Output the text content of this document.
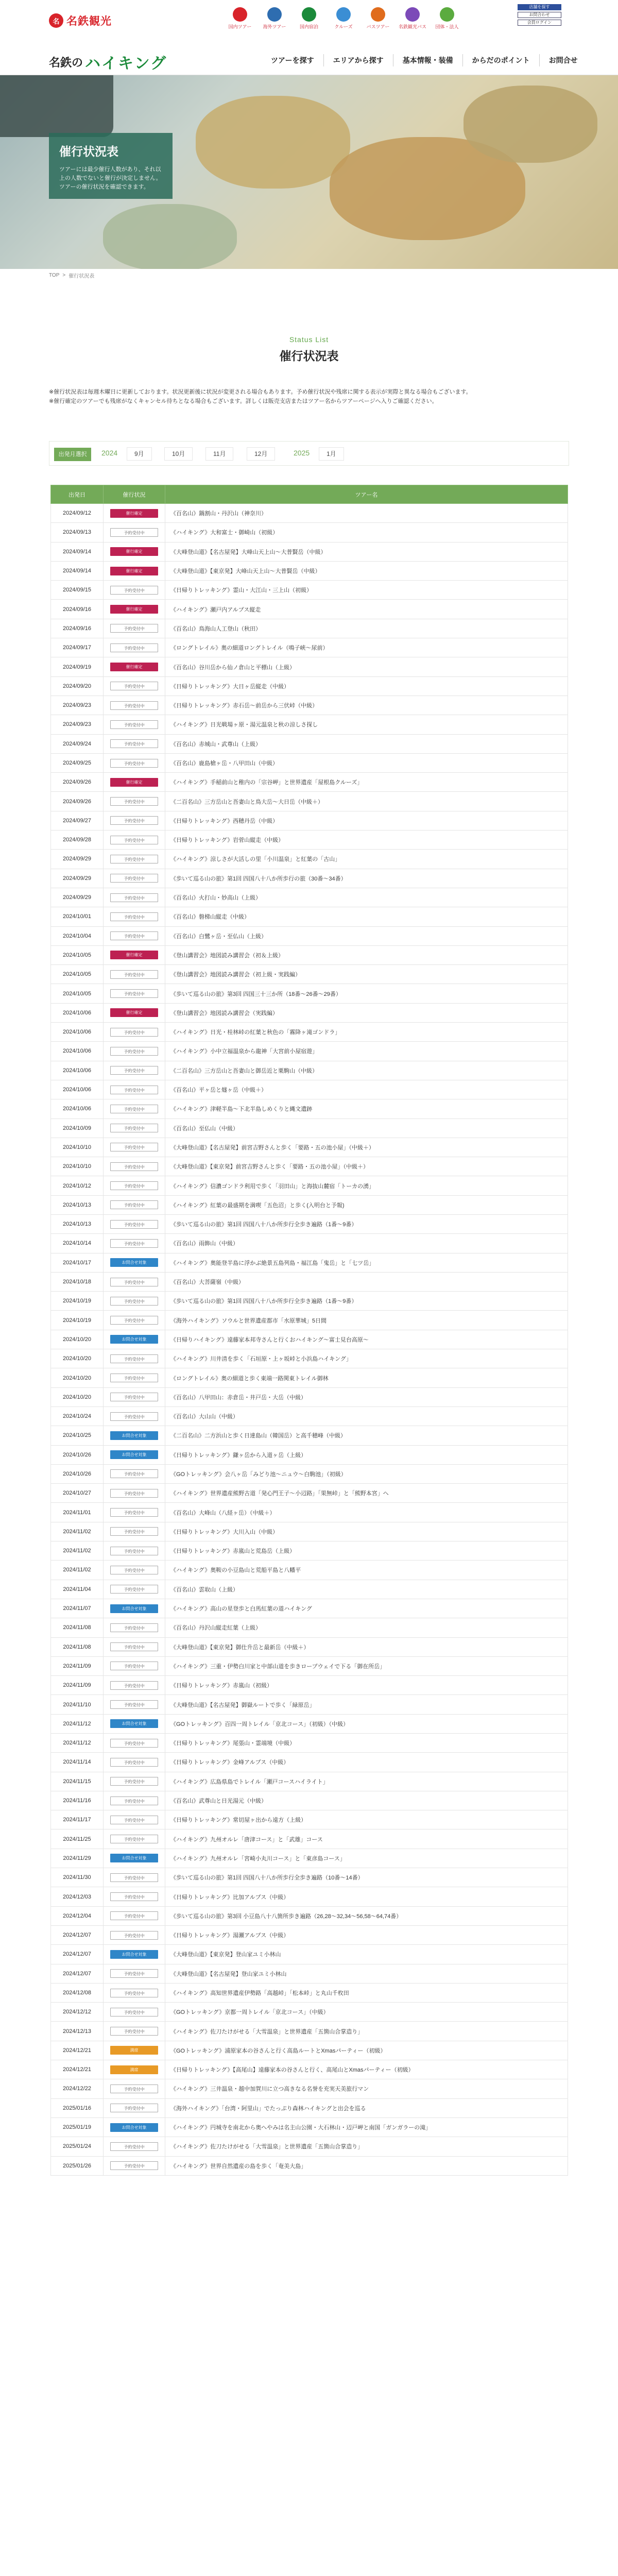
名 名鉄観光	国内ツアー 海外ツアー	国内宿泊	クルーズ	バスツアー 名鉄観光バス 団体・法人
店舗を探す
お問合わせ
会員ログイン
名鉄の ハイキング	ツアーを探す	エリアから探す	基本情報・装備	からだのポイント	お問合せ
催行状況表
ツアーには最少催行人数があり、それ以上の人数でないと催行が決定しません。ツアーの催行状況を確認できます。
TOP > 催行状況表
Status List
催行状況表

※催行状況表は毎週木曜日に更新しております。状況更新後に状況が変更される場合もあります。予め催行状況や残席に関する表示が実際と異なる場合もございます。

※催行確定のツアーでも残席がなくキャンセル待ちとなる場合もございます。詳しくは販売支店またはツアー名からツアーページへ入りご確認ください。

出発月選択	2024	9月	10月	11月	12月	2025	1月
出発日	催行状況	ツアー名
2024/09/12	催行確定	《百名山》鍋割山・丹沢山（神奈川）
2024/09/13	予約受付中	《ハイキング》大和富士・御崎山（初級）
2024/09/14	催行確定	《大峰登山道》【名古屋発】大峰山天上山〜大普賢岳（中級）
2024/09/14	催行確定	《大峰登山道》【東京発】大峰山天上山〜大普賢岳（中級）
2024/09/15	予約受付中	《日帰りトレッキング》霊山・大江山・三上山（初級）
2024/09/16	催行確定	《ハイキング》瀬戸内アルプス縦走
2024/09/16	予約受付中	《百名山》鳥海山人工登山（秋田）
2024/09/17	予約受付中	《ロングトレイル》奥の細道ロングトレイル（鳴子峡〜尿前）
2024/09/19	催行確定	《百名山》谷川岳から仙ノ倉山と平標山（上級）
2024/09/20	予約受付中	《日帰りトレッキング》大日ヶ岳縦走（中級）
2024/09/23	予約受付中	《日帰りトレッキング》赤石岳〜前岳から三伏峠（中級）
2024/09/23	予約受付中	《ハイキング》日光戦場ヶ原・湯元温泉と秋の涼しさ探し
2024/09/24	予約受付中	《百名山》赤城山・武尊山（上級）
2024/09/25	予約受付中	《百名山》鹿島槍ヶ岳・八甲田山（中級）
2024/09/26	催行確定	《ハイキング》手稲前山と稚内の「宗谷岬」と世界遺産「屋根島クルーズ」
2024/09/26	予約受付中	《二百名山》三方岳山と吾妻山と鳥大岳〜大日岳（中級＋）
2024/09/27	予約受付中	《日帰りトレッキング》西穂丹岳（中級）
2024/09/28	予約受付中	《日帰りトレッキング》岩菅山縦走（中級）
2024/09/29	予約受付中	《ハイキング》涼しさが大活しの里「小川温泉」と紅葉の「古山」
2024/09/29	予約受付中	《歩いて巡る山の旅》第1回 四国八十八か所歩行の旅（30番〜34番）
2024/09/29	予約受付中	《百名山》火打山・妙高山（上級）
2024/10/01	予約受付中	《百名山》磐梯山縦走（中級）
2024/10/04	予約受付中	《百名山》白鷺ヶ岳・至仏山（上級）
2024/10/05	催行確定	《登山講習会》地図読み講習会（初＆上級）
2024/10/05	予約受付中	《登山講習会》地図読み講習会（初上級・実践編）
2024/10/05	予約受付中	《歩いて巡る山の旅》第3回 四国三十三か所（18番〜26番〜29番）
2024/10/06	催行確定	《登山講習会》地図読み講習会（実践編）
2024/10/06	予約受付中	《ハイキング》日光・桂林峠の紅葉と秋色の「霧降ヶ滝ゴンドラ」
2024/10/06	予約受付中	《ハイキング》小中立福温泉から龍神「大宮前小屋宿遊」
2024/10/06	予約受付中	《二百名山》三方岳山と吾妻山と御岳近と栗駒山（中級）
2024/10/06	予約受付中	《百名山》平ヶ岳と燧ヶ岳（中級＋）
2024/10/06	予約受付中	《ハイキング》津軽半島〜下北半島しめくりと縄文遺跡
2024/10/09	予約受付中	《百名山》至仏山（中級）
2024/10/10	予約受付中	《大峰登山道》【名古屋発】前宮吉野さんと歩く「要路・五の池小屋」（中級＋）
2024/10/10	予約受付中	《大峰登山道》【東京発】前宮吉野さんと歩く「要路・五の池小屋」（中級＋）
2024/10/12	予約受付中	《ハイキング》信濃ゴンドラ利用で歩く「羽田山」と海抜山麓宿「トーカの湧」
2024/10/13	予約受付中	《ハイキング》紅葉の最盛期を満喫「五色沼」と歩く(入明台と予報)
2024/10/13	予約受付中	《歩いて巡る山の旅》第1回 四国八十八か所歩行全歩き遍路（1番〜9番）
2024/10/14	予約受付中	《百名山》雨飾山（中級）
2024/10/17	お問合せ対象	《ハイキング》奥能登半島に浮かぶ絶景五島列島・福江島「鬼岳」と「七ツ岳」
2024/10/18	予約受付中	《百名山》大菩薩嶺（中級）
2024/10/19	予約受付中	《歩いて巡る山の旅》第1回 四国八十八か所歩行全歩き遍路（1番〜9番）
2024/10/19	予約受付中	《海外ハイキング》ソウルと世界遺産都市「水原華城」5日間
2024/10/20	お問合せ対象	《日帰りハイキング》遠藤家本邦寺さんと行くおハイキング〜富士見台高原〜
2024/10/20	予約受付中	《ハイキング》川井清を歩く「石垣原・上ヶ坂峠と小浜島ハイキング」
2024/10/20	予約受付中	《ロングトレイル》奥の細道と歩く東端一路関東トレイル御林
2024/10/20	予約受付中	《百名山》八甲田山：赤倉岳・井戸岳・大岳（中級）
2024/10/24	予約受付中	《百名山》大山山（中級）
2024/10/25	お問合せ対象	《二百名山》二方浜山と歩く日達島山（韓国岳）と高千穂峰（中級）
2024/10/26	お問合せ対象	《日帰りトレッキング》鎌ヶ岳から入道ヶ岳（上級）
2024/10/26	予約受付中	《GOトレッキング》会八ヶ岳「みどり池〜ニュウ〜白駒池」（初級）
2024/10/27	予約受付中	《ハイキング》世界遺産熊野古道「発心門王子〜小辺路」「果無峠」と「熊野本宮」へ
2024/11/01	予約受付中	《百名山》大峰山（八経ヶ岳）（中級＋）
2024/11/02	予約受付中	《日帰りトレッキング》大川入山（中級）
2024/11/02	予約受付中	《日帰りトレッキング》赤嵐山と荒島岳（上級）
2024/11/02	予約受付中	《ハイキング》奥鞍の小豆島山と荒船平島と八幡平
2024/11/04	予約受付中	《百名山》雲取山（上級）
2024/11/07	お問合せ対象	《ハイキング》高山の星登歩と白馬紅葉の道ハイキング
2024/11/08	予約受付中	《百名山》丹沢山縦走紅葉（上級）
2024/11/08	予約受付中	《大峰登山道》【東京発】御仕升岳と最新岳（中級＋）
2024/11/09	予約受付中	《ハイキング》三重・伊勢白川家と中部山道を歩きロープウェイで下る「御在所岳」
2024/11/09	予約受付中	《日帰りトレッキング》赤嵐山（初級）
2024/11/10	予約受付中	《大峰登山道》【名古屋発】御嶽ルートで歩く「緑原岳」
2024/11/12	お問合せ対象	《GOトレッキング》百四一周トレイル「京北コース」（初級）（中級）
2024/11/12	予約受付中	《日帰りトレッキング》尾張山・霊端境（中級）
2024/11/14	予約受付中	《日帰りトレッキング》金峰アルプス（中級）
2024/11/15	予約受付中	《ハイキング》広島県島でトレイル「瀬戸コースハイライト」
2024/11/16	予約受付中	《百名山》武尊山と日光湯元（中級）
2024/11/17	予約受付中	《日帰りトレッキング》常切屋ヶ出から遠方（上級）
2024/11/25	予約受付中	《ハイキング》九州オルレ「唐津コース」と「武雄」コース
2024/11/29	お問合せ対象	《ハイキング》九州オルレ「宮崎小丸川コース」と「東彦島コース」
2024/11/30	予約受付中	《歩いて巡る山の旅》第1回 四国八十八か所歩行全歩き遍路（10番〜14番）
2024/12/03	予約受付中	《日帰りトレッキング》比加アルプス（中級）
2024/12/04	予約受付中	《歩いて巡る山の旅》第3回 小豆島八十八箇所歩き遍路（26,28〜32,34〜56,58〜64,74番）
2024/12/07	予約受付中	《日帰りトレッキング》湯瀬アルプス（中級）
2024/12/07	お問合せ対象	《大峰登山道》【東京発】登山家ユミ小林山
2024/12/07	予約受付中	《大峰登山道》【名古屋発】登山家ユミ小林山
2024/12/08	予約受付中	《ハイキング》高知世界遺産伊勢路「高越峠」「松本峠」と丸山千枚田
2024/12/12	予約受付中	《GOトレッキング》京都一周トレイル「京北コース」（中級）
2024/12/13	予約受付中	《ハイキング》佐刀たけがせる「大雪温泉」と世界遺産「五箇山合掌造り」
2024/12/21	満席	《GOトレッキング》浦原家本の谷さんと行く高島ルートとXmasパーティー（初級）
2024/12/21	満席	《日帰りトレッキング》【高尾山】遠藤家本の谷さんと行く、高尾山とXmasパーティー（初級）
2024/12/22	予約受付中	《ハイキング》三井温泉・越中加賀川に立つ高きなる名誉を充実天美旅行マン
2025/01/16	予約受付中	《海外ハイキング》「台湾・阿里山」でたっぷり森林ハイキングと出会を巡る
2025/01/19	お問合せ対象	《ハイキング》円城寺を南北から奥へやみは名主山公園・大石林山・辺戸岬と南国「ガンガラーの滝」
2025/01/24	予約受付中	《ハイキング》佐刀たけがせる「大雪温泉」と世界遺産「五箇山合掌造り」
2025/01/26	予約受付中	《ハイキング》世界自然遺産の島を歩く「奄美大島」
